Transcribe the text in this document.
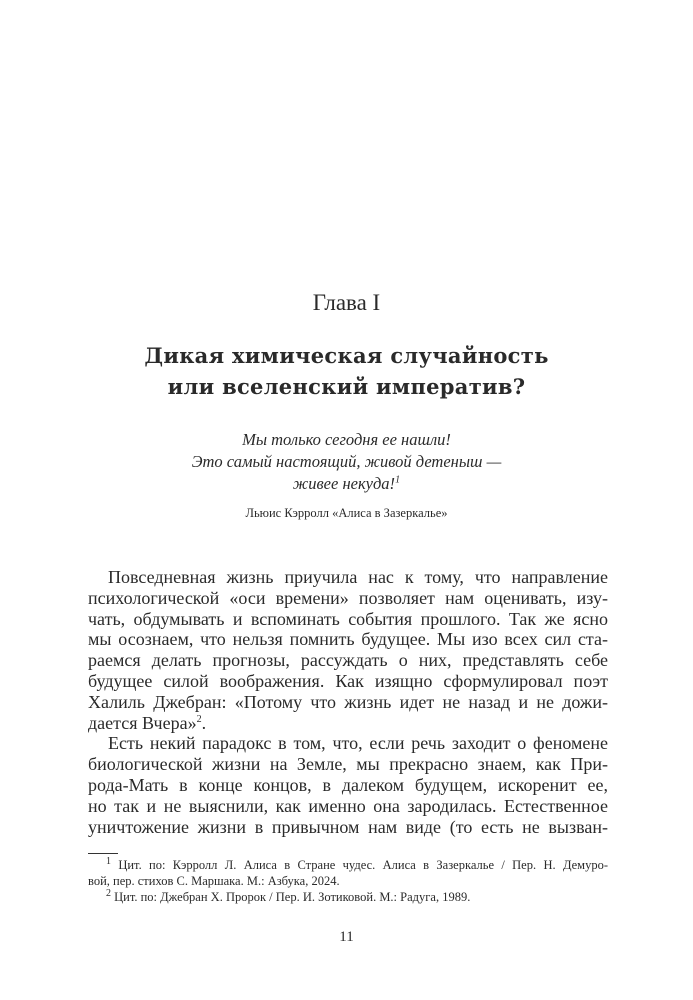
Глава I
Дикая химическая случайность
или вселенский императив?
Мы только сегодня ее нашли!
Это самый настоящий, живой детеныш —
живее некуда!$^1$
Льюис Кэрролл «Алиса в Зазеркалье»
Повседневная жизнь приучила нас к тому, что направление
психологической «оси времени» позволяет нам оценивать, изу-
чать, обдумывать и вспоминать события прошлого. Так же ясно
мы осознаем, что нельзя помнить будущее. Мы изо всех сил ста-
раемся делать прогнозы, рассуждать о них, представлять себе
будущее силой воображения. Как изящно сформулировал поэт
Халиль Джебран: «Потому что жизнь идет не назад и не дожи-
дается Вчера»$^2$.
Есть некий парадокс в том, что, если речь заходит о феномене
биологической жизни на Земле, мы прекрасно знаем, как При-
рода-Мать в конце концов, в далеком будущем, искоренит ее,
но так и не выяснили, как именно она зародилась. Естественное
уничтожение жизни в привычном нам виде (то есть не вызван-
$^1$ Цит. по: Кэрролл Л. Алиса в Стране чудес. Алиса в Зазеркалье / Пер. Н. Демуро-
вой, пер. стихов С. Маршака. М.: Азбука, 2024.
$^2$ Цит. по: Джебран Х. Пророк / Пер. И. Зотиковой. М.: Радуга, 1989.
11
